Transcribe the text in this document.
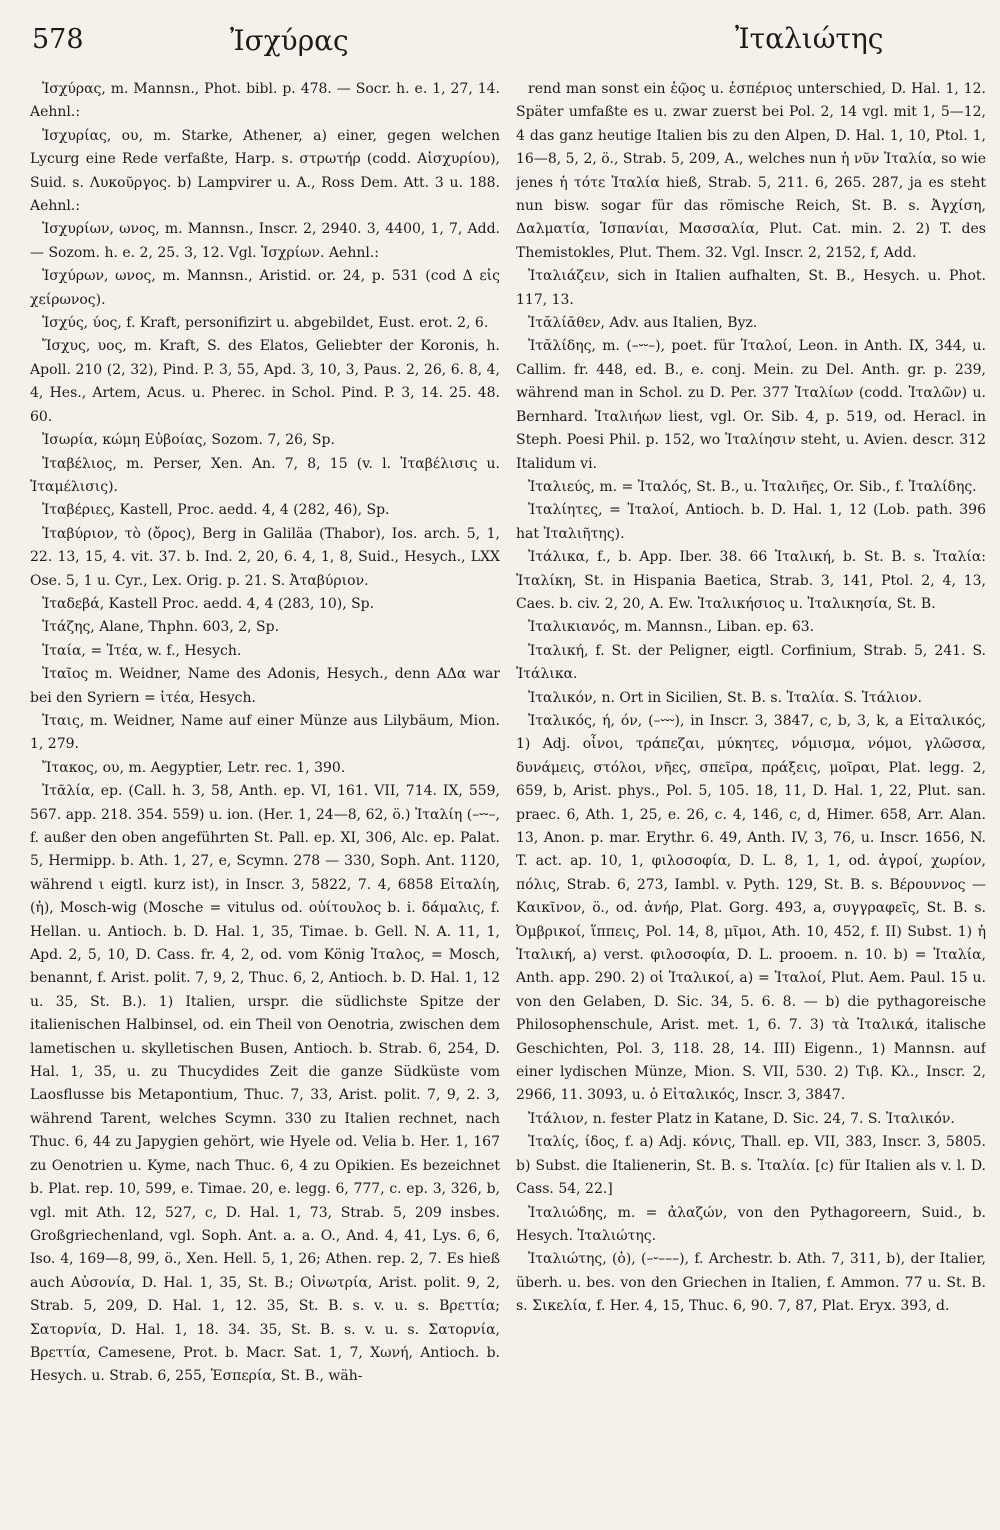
578	Ἰσχύρας	Ἰταλιώτης

Ἰσχύρας, m. Mannsn., Phot. bibl. p. 478. — Socr. h. e. 1, 27, 14. Aehnl.:

Ἰσχυρίας, ου, m. Starke, Athener, a) einer, gegen welchen Lycurg eine Rede verfaßte, Harp. s. στρωτήρ (codd. Αἰσχυρίου), Suid. s. Λυκοῦργος. b) Lampvirer u. A., Ross Dem. Att. 3 u. 188. Aehnl.:

Ἰσχυρίων, ωνος, m. Mannsn., Inscr. 2, 2940. 3, 4400, 1, 7, Add. — Sozom. h. e. 2, 25. 3, 12. Vgl. Ἰσχρίων. Aehnl.:

Ἰσχύρων, ωνος, m. Mannsn., Aristid. or. 24, p. 531 (cod Δ εἰς χείρωνος).

Ἰσχύς, ύος, f. Kraft, personifizirt u. abgebildet, Eust. erot. 2, 6.

Ἴσχυς, υος, m. Kraft, S. des Elatos, Geliebter der Koronis, h. Apoll. 210 (2, 32), Pind. P. 3, 55, Apd. 3, 10, 3, Paus. 2, 26, 6. 8, 4, 4, Hes., Artem, Acus. u. Pherec. in Schol. Pind. P. 3, 14. 25. 48. 60.

Ἰσωρία, κώμη Εὐβοίας, Sozom. 7, 26, Sp.

Ἰταβέλιος, m. Perser, Xen. An. 7, 8, 15 (v. l. Ἰταβέλισις u. Ἰταμέλισις).

Ἰταβέριες, Kastell, Proc. aedd. 4, 4 (282, 46), Sp.

Ἰταβύριον, τὸ (ὄρος), Berg in Galiläa (Thabor), Ios. arch. 5, 1, 22. 13, 15, 4. vit. 37. b. Ind. 2, 20, 6. 4, 1, 8, Suid., Hesych., LXX Ose. 5, 1 u. Cyr., Lex. Orig. p. 21. S. Ἀταβύριον.

Ἰταδεβά, Kastell Proc. aedd. 4, 4 (283, 10), Sp.

Ἰτάζης, Alane, Thphn. 603, 2, Sp.

Ἰταία, = Ἰτέα, w. f., Hesych.

Ἰταῖος m. Weidner, Name des Adonis, Hesych., denn ΑΔα war bei den Syriern = ἰτέα, Hesych.

Ἰταις, m. Weidner, Name auf einer Münze aus Lilybäum, Mion. 1, 279.

Ἴτακος, ου, m. Aegyptier, Letr. rec. 1, 390.

Ἰτᾶλία, ep. (Call. h. 3, 58, Anth. ep. VI, 161. VII, 714. IX, 559, 567. app. 218. 354. 559) u. ion. (Her. 1, 24—8, 62, ö.) Ἰταλίη (–⏑⏑–, f. außer den oben angeführten St. Pall. ep. XI, 306, Alc. ep. Palat. 5, Hermipp. b. Ath. 1, 27, e, Scymn. 278 — 330, Soph. Ant. 1120, während ι eigtl. kurz ist), in Inscr. 3, 5822, 7. 4, 6858 Εἰταλίη, (ἡ), Mosch-wig (Mosche = vitulus od. οὐίτουλος b. i. δάμαλις, f. Hellan. u. Antioch. b. D. Hal. 1, 35, Timae. b. Gell. N. A. 11, 1, Apd. 2, 5, 10, D. Cass. fr. 4, 2, od. vom König Ἰταλος, = Mosch, benannt, f. Arist. polit. 7, 9, 2, Thuc. 6, 2, Antioch. b. D. Hal. 1, 12 u. 35, St. B.). 1) Italien, urspr. die südlichste Spitze der italienischen Halbinsel, od. ein Theil von Oenotria, zwischen dem lametischen u. skylletischen Busen, Antioch. b. Strab. 6, 254, D. Hal. 1, 35, u. zu Thucydides Zeit die ganze Südküste vom Laosflusse bis Metapontium, Thuc. 7, 33, Arist. polit. 7, 9, 2. 3, während Tarent, welches Scymn. 330 zu Italien rechnet, nach Thuc. 6, 44 zu Japygien gehört, wie Hyele od. Velia b. Her. 1, 167 zu Oenotrien u. Kyme, nach Thuc. 6, 4 zu Opikien. Es bezeichnet b. Plat. rep. 10, 599, e. Timae. 20, e. legg. 6, 777, c. ep. 3, 326, b, vgl. mit Ath. 12, 527, c, D. Hal. 1, 73, Strab. 5, 209 insbes. Großgriechenland, vgl. Soph. Ant. a. a. O., And. 4, 41, Lys. 6, 6, Iso. 4, 169—8, 99, ö., Xen. Hell. 5, 1, 26; Athen. rep. 2, 7. Es hieß auch Αὐσονία, D. Hal. 1, 35, St. B.; Οἰνωτρία, Arist. polit. 9, 2, Strab. 5, 209, D. Hal. 1, 12. 35, St. B. s. v. u. s. Βρεττία; Σατορνία, D. Hal. 1, 18. 34. 35, St. B. s. v. u. s. Σατορνία, Βρεττία, Camesene, Prot. b. Macr. Sat. 1, 7, Χωνή, Antioch. b. Hesych. u. Strab. 6, 255, Ἑσπερία, St. B., wäh-

rend man sonst ein ἑῷος u. ἑσπέριος unterschied, D. Hal. 1, 12. Später umfaßte es u. zwar zuerst bei Pol. 2, 14 vgl. mit 1, 5—12, 4 das ganz heutige Italien bis zu den Alpen, D. Hal. 1, 10, Ptol. 1, 16—8, 5, 2, ö., Strab. 5, 209, A., welches nun ἡ νῦν Ἰταλία, so wie jenes ἡ τότε Ἰταλία hieß, Strab. 5, 211. 6, 265. 287, ja es steht nun bisw. sogar für das römische Reich, St. B. s. Ἀγχίση, Δαλματία, Ἱσπανίαι, Μασσαλία, Plut. Cat. min. 2. 2) T. des Themistokles, Plut. Them. 32. Vgl. Inscr. 2, 2152, f, Add.

Ἰταλιάζειν, sich in Italien aufhalten, St. B., Hesych. u. Phot. 117, 13.

Ἰτᾰλίᾱθεν, Adv. aus Italien, Byz.

Ἰτᾰλίδης, m. (–⏑⏑–), poet. für Ἰταλοί, Leon. in Anth. IX, 344, u. Callim. fr. 448, ed. B., e. conj. Mein. zu Del. Anth. gr. p. 239, während man in Schol. zu D. Per. 377 Ἰταλίων (codd. Ἰταλῶν) u. Bernhard. Ἰταλιήων liest, vgl. Or. Sib. 4, p. 519, od. Heracl. in Steph. Poesi Phil. p. 152, wo Ἰταλίησιν steht, u. Avien. descr. 312 Italidum vi.

Ἰταλιεύς, m. = Ἰταλός, St. B., u. Ἰταλιῆες, Or. Sib., f. Ἰταλίδης.

Ἰταλίητες, = Ἰταλοί, Antioch. b. D. Hal. 1, 12 (Lob. path. 396 hat Ἰταλιῆτης).

Ἰτάλικα, f., b. App. Iber. 38. 66 Ἰταλική, b. St. B. s. Ἰταλία: Ἰταλίκη, St. in Hispania Baetica, Strab. 3, 141, Ptol. 2, 4, 13, Caes. b. civ. 2, 20, A. Ew. Ἰταλικήσιος u. Ἰταλικησία, St. B.

Ἰταλικιανός, m. Mannsn., Liban. ep. 63.

Ἰταλική, f. St. der Peligner, eigtl. Corfinium, Strab. 5, 241. S. Ἰτάλικα.

Ἰταλικόν, n. Ort in Sicilien, St. B. s. Ἰταλία. S. Ἰτάλιον.

Ἰταλικός, ή, όν, (–⏑⏑⏑), in Inscr. 3, 3847, c, b, 3, k, a Εἰταλικός, 1) Adj. οἶνοι, τράπεζαι, μύκητες, νόμισμα, νόμοι, γλῶσσα, δυνάμεις, στόλοι, νῆες, σπεῖρα, πράξεις, μοῖραι, Plat. legg. 2, 659, b, Arist. phys., Pol. 5, 105. 18, 11, D. Hal. 1, 22, Plut. san. praec. 6, Ath. 1, 25, e. 26, c. 4, 146, c, d, Himer. 658, Arr. Alan. 13, Anon. p. mar. Erythr. 6. 49, Anth. IV, 3, 76, u. Inscr. 1656, N. T. act. ap. 10, 1, φιλοσοφία, D. L. 8, 1, 1, od. ἀγροί, χωρίον, πόλις, Strab. 6, 273, Iambl. v. Pyth. 129, St. B. s. Βέρουννος — Καικῖνον, ö., od. ἀνήρ, Plat. Gorg. 493, a, συγγραφεῖς, St. B. s. Ὀμβρικοί, ἵππεις, Pol. 14, 8, μῖμοι, Ath. 10, 452, f. II) Subst. 1) ἡ Ἰταλική, a) verst. φιλοσοφία, D. L. prooem. n. 10. b) = Ἰταλία, Anth. app. 290. 2) οἱ Ἰταλικοί, a) = Ἰταλοί, Plut. Aem. Paul. 15 u. von den Gelaben, D. Sic. 34, 5. 6. 8. — b) die pythagoreische Philosophenschule, Arist. met. 1, 6. 7. 3) τὰ Ἰταλικά, italische Geschichten, Pol. 3, 118. 28, 14. III) Eigenn., 1) Mannsn. auf einer lydischen Münze, Mion. S. VII, 530. 2) Τιβ. Κλ., Inscr. 2, 2966, 11. 3093, u. ὁ Εἰταλικός, Inscr. 3, 3847.

Ἰτάλιον, n. fester Platz in Katane, D. Sic. 24, 7. S. Ἰταλικόν.

Ἰταλίς, ίδος, f. a) Adj. κόνις, Thall. ep. VII, 383, Inscr. 3, 5805. b) Subst. die Italienerin, St. B. s. Ἰταλία. [c) für Italien als v. l. D. Cass. 54, 22.]

Ἰταλιώδης, m. = ἀλαζών, von den Pythagoreern, Suid., b. Hesych. Ἰταλιώτης.

Ἰταλιώτης, (ὁ), (–⏑–––), f. Archestr. b. Ath. 7, 311, b), der Italier, überh. u. bes. von den Griechen in Italien, f. Ammon. 77 u. St. B. s. Σικελία, f. Her. 4, 15, Thuc. 6, 90. 7, 87, Plat. Eryx. 393, d.
